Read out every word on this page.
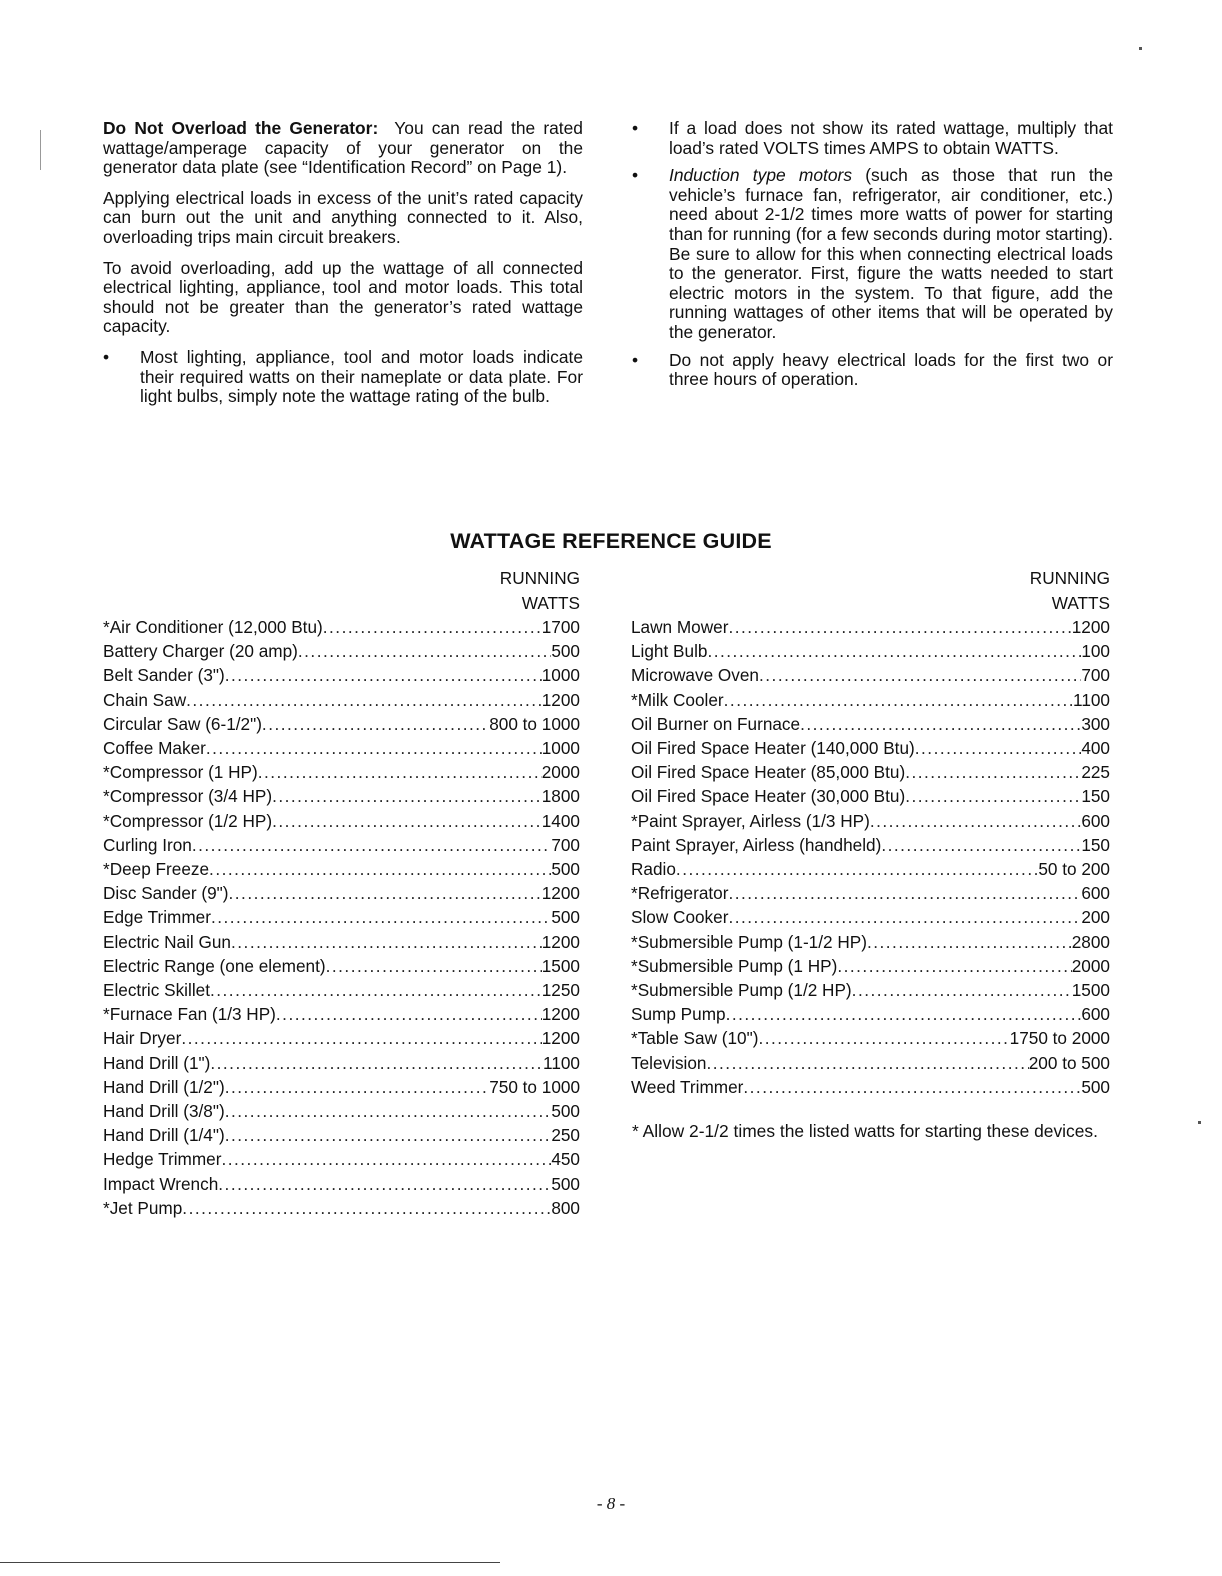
Do Not Overload the Generator: You can read the rated wattage/amperage capacity of your generator on the generator data plate (see “Identification Record” on Page 1).

Applying electrical loads in excess of the unit’s rated capacity can burn out the unit and anything connected to it. Also, overloading trips main circuit breakers.

To avoid overloading, add up the wattage of all connected electrical lighting, appliance, tool and motor loads. This total should not be greater than the generator’s rated wattage capacity.

•	Most lighting, appliance, tool and motor loads indicate their required watts on their nameplate or data plate. For light bulbs, simply note the wattage rating of the bulb.
•	If a load does not show its rated wattage, multiply that load’s rated VOLTS times AMPS to obtain WATTS.
•	Induction type motors (such as those that run the vehicle’s furnace fan, refrigerator, air conditioner, etc.) need about 2-1/2 times more watts of power for starting than for running (for a few seconds during motor starting). Be sure to allow for this when connecting electrical loads to the generator. First, figure the watts needed to start electric motors in the system. To that figure, add the running wattages of other items that will be operated by the generator.
•	Do not apply heavy electrical loads for the first two or three hours of operation.
WATTAGE REFERENCE GUIDE
RUNNING
WATTS
*Air Conditioner (12,000 Btu) .....	1700
Battery Charger (20 amp) .....	500
Belt Sander (3") .....	1000
Chain Saw .....	1200
Circular Saw (6-1/2") .....	800 to 1000
Coffee Maker .....	1000
*Compressor (1 HP) .....	2000
*Compressor (3/4 HP) .....	1800
*Compressor (1/2 HP) .....	1400
Curling Iron .....	700
*Deep Freeze .....	500
Disc Sander (9") .....	1200
Edge Trimmer .....	500
Electric Nail Gun .....	1200
Electric Range (one element) .....	1500
Electric Skillet .....	1250
*Furnace Fan (1/3 HP) .....	1200
Hair Dryer .....	1200
Hand Drill (1") .....	1100
Hand Drill (1/2") .....	750 to 1000
Hand Drill (3/8") .....	500
Hand Drill (1/4") .....	250
Hedge Trimmer .....	450
Impact Wrench .....	500
*Jet Pump .....	800
RUNNING
WATTS
Lawn Mower .....	1200
Light Bulb .....	100
Microwave Oven .....	700
*Milk Cooler .....	1100
Oil Burner on Furnace .....	300
Oil Fired Space Heater (140,000 Btu) .....	400
Oil Fired Space Heater (85,000 Btu) .....	225
Oil Fired Space Heater (30,000 Btu) .....	150
*Paint Sprayer, Airless (1/3 HP) .....	600
Paint Sprayer, Airless (handheld) .....	150
Radio .....	50 to 200
*Refrigerator .....	600
Slow Cooker .....	200
*Submersible Pump (1-1/2 HP) .....	2800
*Submersible Pump (1 HP) .....	2000
*Submersible Pump (1/2 HP) .....	1500
Sump Pump .....	600
*Table Saw (10") .....	1750 to 2000
Television .....	200 to 500
Weed Trimmer .....	500
* Allow 2-1/2 times the listed watts for starting these devices.
- 8 -
